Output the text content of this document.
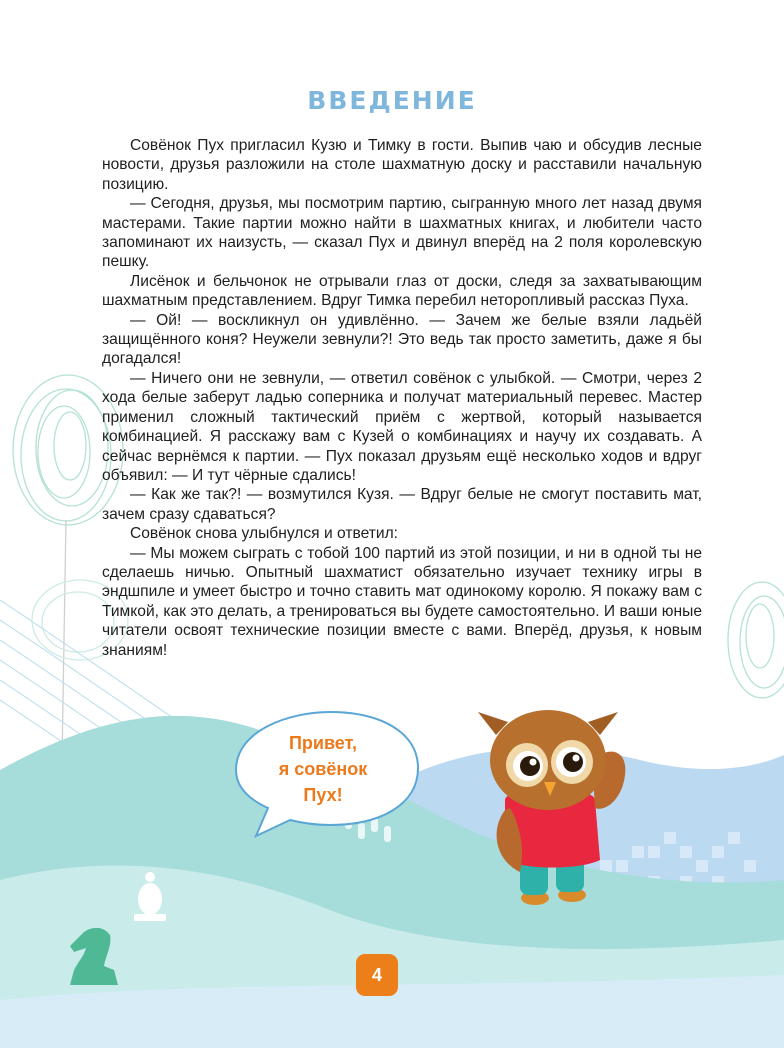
ВВЕДЕНИЕ

Совёнок Пух пригласил Кузю и Тимку в гости. Выпив чаю и обсудив лесные новости, друзья разложили на столе шахматную доску и расставили начальную позицию.

— Сегодня, друзья, мы посмотрим партию, сыгранную много лет назад двумя мастерами. Такие партии можно найти в шахматных книгах, и любители часто запоминают их наизусть, — сказал Пух и двинул вперёд на 2 поля королевскую пешку.

Лисёнок и бельчонок не отрывали глаз от доски, следя за захватывающим шахматным представлением. Вдруг Тимка перебил неторопливый рассказ Пуха.

— Ой! — воскликнул он удивлённо. — Зачем же белые взяли ладьёй защищённого коня? Неужели зевнули?! Это ведь так просто заметить, даже я бы догадался!

— Ничего они не зевнули, — ответил совёнок с улыбкой. — Смотри, через 2 хода белые заберут ладью соперника и получат материальный перевес. Мастер применил сложный тактический приём с жертвой, который называется комбинацией. Я расскажу вам с Кузей о комбинациях и научу их создавать. А сейчас вернёмся к партии. — Пух показал друзьям ещё несколько ходов и вдруг объявил: — И тут чёрные сдались!

— Как же так?! — возмутился Кузя. — Вдруг белые не смогут поставить мат, зачем сразу сдаваться?

Совёнок снова улыбнулся и ответил:

— Мы можем сыграть с тобой 100 партий из этой позиции, и ни в одной ты не сделаешь ничью. Опытный шахматист обязательно изучает технику игры в эндшпиле и умеет быстро и точно ставить мат одинокому королю. Я покажу вам с Тимкой, как это делать, а тренироваться вы будете самостоятельно. И ваши юные читатели освоят технические позиции вместе с вами. Вперёд, друзья, к новым знаниям!

Привет,
я совёнок
Пух!
4
